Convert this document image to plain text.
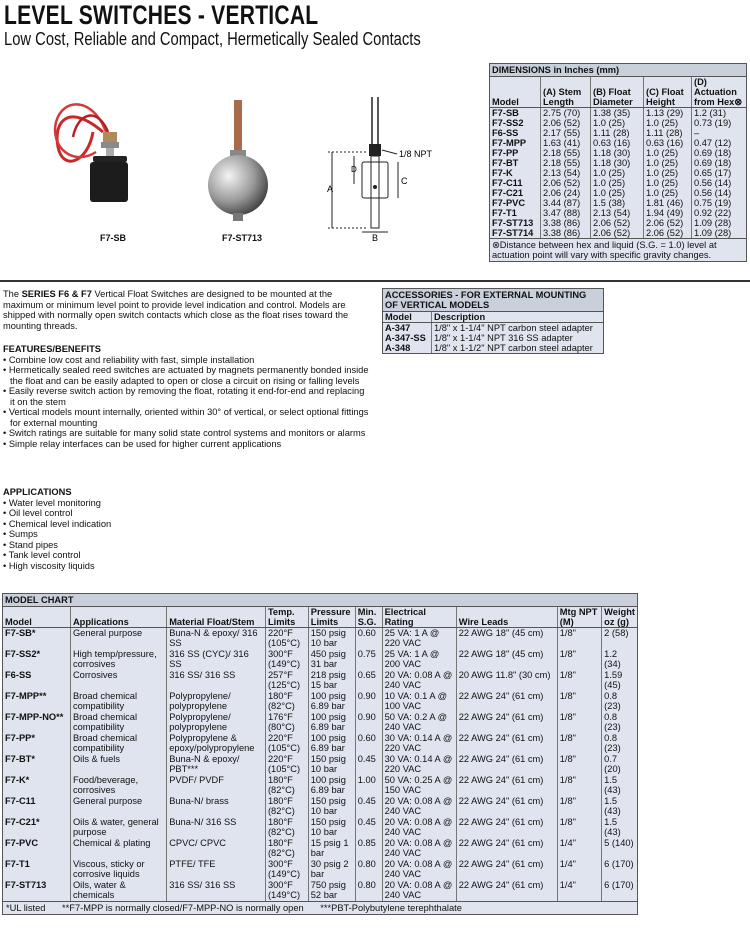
LEVEL SWITCHES - VERTICAL
Low Cost, Reliable and Compact, Hermetically Sealed Contacts
F7-SB	F7-ST713
1/8 NPT
A
D
C
B
DIMENSIONS in Inches (mm)
Model	(A) Stem Length	(B) Float Diameter	(C) Float Height	(D) Actuation from Hex⊗
F7-SB	2.75 (70)	1.38 (35)	1.13 (29)	1.2 (31)
F7-SS2	2.06 (52)	1.0 (25)	1.0 (25)	0.73 (19)
F6-SS	2.17 (55)	1.11 (28)	1.11 (28)	–
F7-MPP	1.63 (41)	0.63 (16)	0.63 (16)	0.47 (12)
F7-PP	2.18 (55)	1.18 (30)	1.0 (25)	0.69 (18)
F7-BT	2.18 (55)	1.18 (30)	1.0 (25)	0.69 (18)
F7-K	2.13 (54)	1.0 (25)	1.0 (25)	0.65 (17)
F7-C11	2.06 (52)	1.0 (25)	1.0 (25)	0.56 (14)
F7-C21	2.06 (24)	1.0 (25)	1.0 (25)	0.56 (14)
F7-PVC	3.44 (87)	1.5 (38)	1.81 (46)	0.75 (19)
F7-T1	3.47 (88)	2.13 (54)	1.94 (49)	0.92 (22)
F7-ST713	3.38 (86)	2.06 (52)	2.06 (52)	1.09 (28)
F7-ST714	3.38 (86)	2.06 (52)	2.06 (52)	1.09 (28)
⊗Distance between hex and liquid (S.G. = 1.0) level at actuation point will vary with specific gravity changes.
The SERIES F6 & F7 Vertical Float Switches are designed to be mounted at the maximum or minimum level point to provide level indication and control. Models are shipped with normally open switch contacts which close as the float rises toward the mounting threads.
FEATURES/BENEFITS
• Combine low cost and reliability with fast, simple installation
• Hermetically sealed reed switches are actuated by magnets permanently bonded inside the float and can be easily adapted to open or close a circuit on rising or falling levels
• Easily reverse switch action by removing the float, rotating it end-for-end and replacing it on the stem
• Vertical models mount internally, oriented within 30° of vertical, or select optional fittings for external mounting
• Switch ratings are suitable for many solid state control systems and monitors or alarms
• Simple relay interfaces can be used for higher current applications
APPLICATIONS
• Water level monitoring
• Oil level control
• Chemical level indication
• Sumps
• Stand pipes
• Tank level control
• High viscosity liquids
ACCESSORIES - FOR EXTERNAL MOUNTING OF VERTICAL MODELS
Model	Description
A-347	1/8" x 1-1/4" NPT carbon steel adapter
A-347-SS	1/8" x 1-1/4" NPT 316 SS adapter
A-348	1/8" x 1-1/2" NPT carbon steel adapter
MODEL CHART
Model	Applications	Material Float/Stem	Temp. Limits	Pressure Limits	Min. S.G.	Electrical Rating	Wire Leads	Mtg NPT (M)	Weight oz (g)
F7-SB*	General purpose	Buna-N & epoxy/ 316 SS	220°F (105°C)	150 psig 10 bar	0.60	25 VA: 1 A @ 220 VAC	22 AWG 18" (45 cm)	1/8"	2 (58)
F7-SS2*	High temp/pressure, corrosives	316 SS (CYC)/ 316 SS	300°F (149°C)	450 psig 31 bar	0.75	25 VA: 1 A @ 200 VAC	22 AWG 18" (45 cm)	1/8"	1.2 (34)
F6-SS	Corrosives	316 SS/ 316 SS	257°F (125°C)	218 psig 15 bar	0.65	20 VA: 0.08 A @ 240 VAC	20 AWG 11.8" (30 cm)	1/8"	1.59 (45)
F7-MPP**	Broad chemical compatibility	Polypropylene/ polypropylene	180°F (82°C)	100 psig 6.89 bar	0.90	10 VA: 0.1 A @ 100 VAC	22 AWG 24" (61 cm)	1/8"	0.8 (23)
F7-MPP-NO**	Broad chemical compatibility	Polypropylene/ polypropylene	176°F (80°C)	100 psig 6.89 bar	0.90	50 VA: 0.2 A @ 240 VAC	22 AWG 24" (61 cm)	1/8"	0.8 (23)
F7-PP*	Broad chemical compatibility	Polypropylene & epoxy/polypropylene	220°F (105°C)	100 psig 6.89 bar	0.60	30 VA: 0.14 A @ 220 VAC	22 AWG 24" (61 cm)	1/8"	0.8 (23)
F7-BT*	Oils & fuels	Buna-N & epoxy/ PBT***	220°F (105°C)	150 psig 10 bar	0.45	30 VA: 0.14 A @ 220 VAC	22 AWG 24" (61 cm)	1/8"	0.7 (20)
F7-K*	Food/beverage, corrosives	PVDF/ PVDF	180°F (82°C)	100 psig 6.89 bar	1.00	50 VA: 0.25 A @ 150 VAC	22 AWG 24" (61 cm)	1/8"	1.5 (43)
F7-C11	General purpose	Buna-N/ brass	180°F (82°C)	150 psig 10 bar	0.45	20 VA: 0.08 A @ 240 VAC	22 AWG 24" (61 cm)	1/8"	1.5 (43)
F7-C21*	Oils & water, general purpose	Buna-N/ 316 SS	180°F (82°C)	150 psig 10 bar	0.45	20 VA: 0.08 A @ 240 VAC	22 AWG 24" (61 cm)	1/8"	1.5 (43)
F7-PVC	Chemical & plating	CPVC/ CPVC	180°F (82°C)	15 psig 1 bar	0.85	20 VA: 0.08 A @ 240 VAC	22 AWG 24" (61 cm)	1/4"	5 (140)
F7-T1	Viscous, sticky or corrosive liquids	PTFE/ TFE	300°F (149°C)	30 psig 2 bar	0.80	20 VA: 0.08 A @ 240 VAC	22 AWG 24" (61 cm)	1/4"	6 (170)
F7-ST713	Oils, water & chemicals	316 SS/ 316 SS	300°F (149°C)	750 psig 52 bar	0.80	20 VA: 0.08 A @ 240 VAC	22 AWG 24" (61 cm)	1/4"	6 (170)
*UL listed **F7-MPP is normally closed/F7-MPP-NO is normally open ***PBT-Polybutylene terephthalate
